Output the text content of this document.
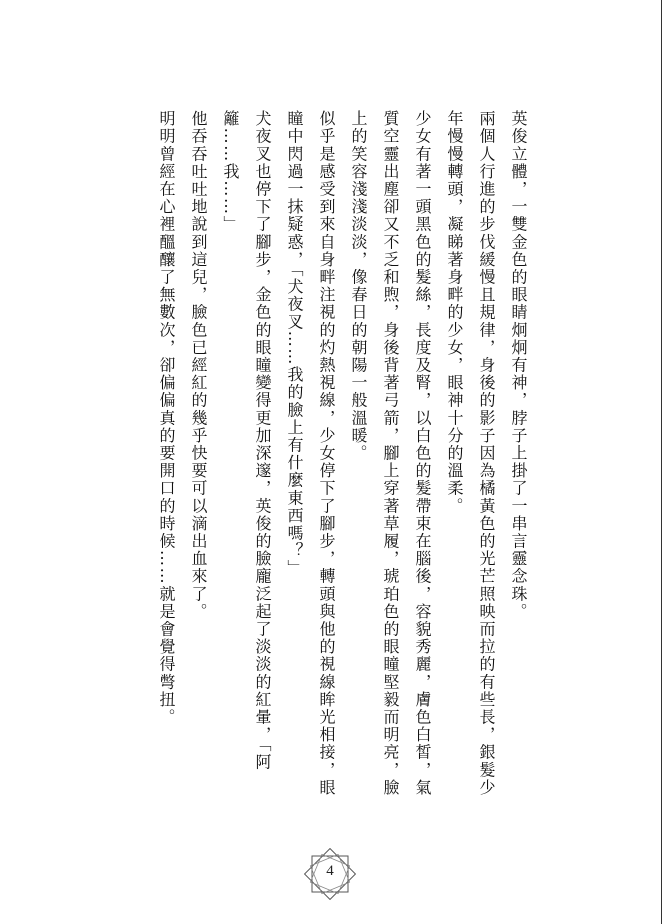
英俊立體，一雙金色的眼睛炯炯有神，脖子上掛了一串言靈念珠。

兩個人行進的步伐緩慢且規律，身後的影子因為橘黃色的光芒照映而拉的有些長，銀髮少

年慢慢轉頭，凝睇著身畔的少女，眼神十分的溫柔。

少女有著一頭黑色的髮絲，長度及腎，以白色的髮帶束在腦後，容貌秀麗，膚色白皙，氣

質空靈出塵卻又不乏和煦，身後背著弓箭，腳上穿著草履，琥珀色的眼瞳堅毅而明亮，臉

上的笑容淺淺淡淡，像春日的朝陽一般溫暖。

似乎是感受到來自身畔注視的灼熱視線，少女停下了腳步，轉頭與他的視線眸光相接，眼

瞳中閃過一抹疑惑，「犬夜叉……我的臉上有什麼東西嗎？」

犬夜叉也停下了腳步，金色的眼瞳變得更加深邃，英俊的臉龐泛起了淡淡的紅暈，「阿

籬……我……」

他吞吞吐吐地說到這兒，臉色已經紅的幾乎快要可以滴出血來了。

明明曾經在心裡醞釀了無數次，卻偏偏真的要開口的時候……就是會覺得彆扭。

4
